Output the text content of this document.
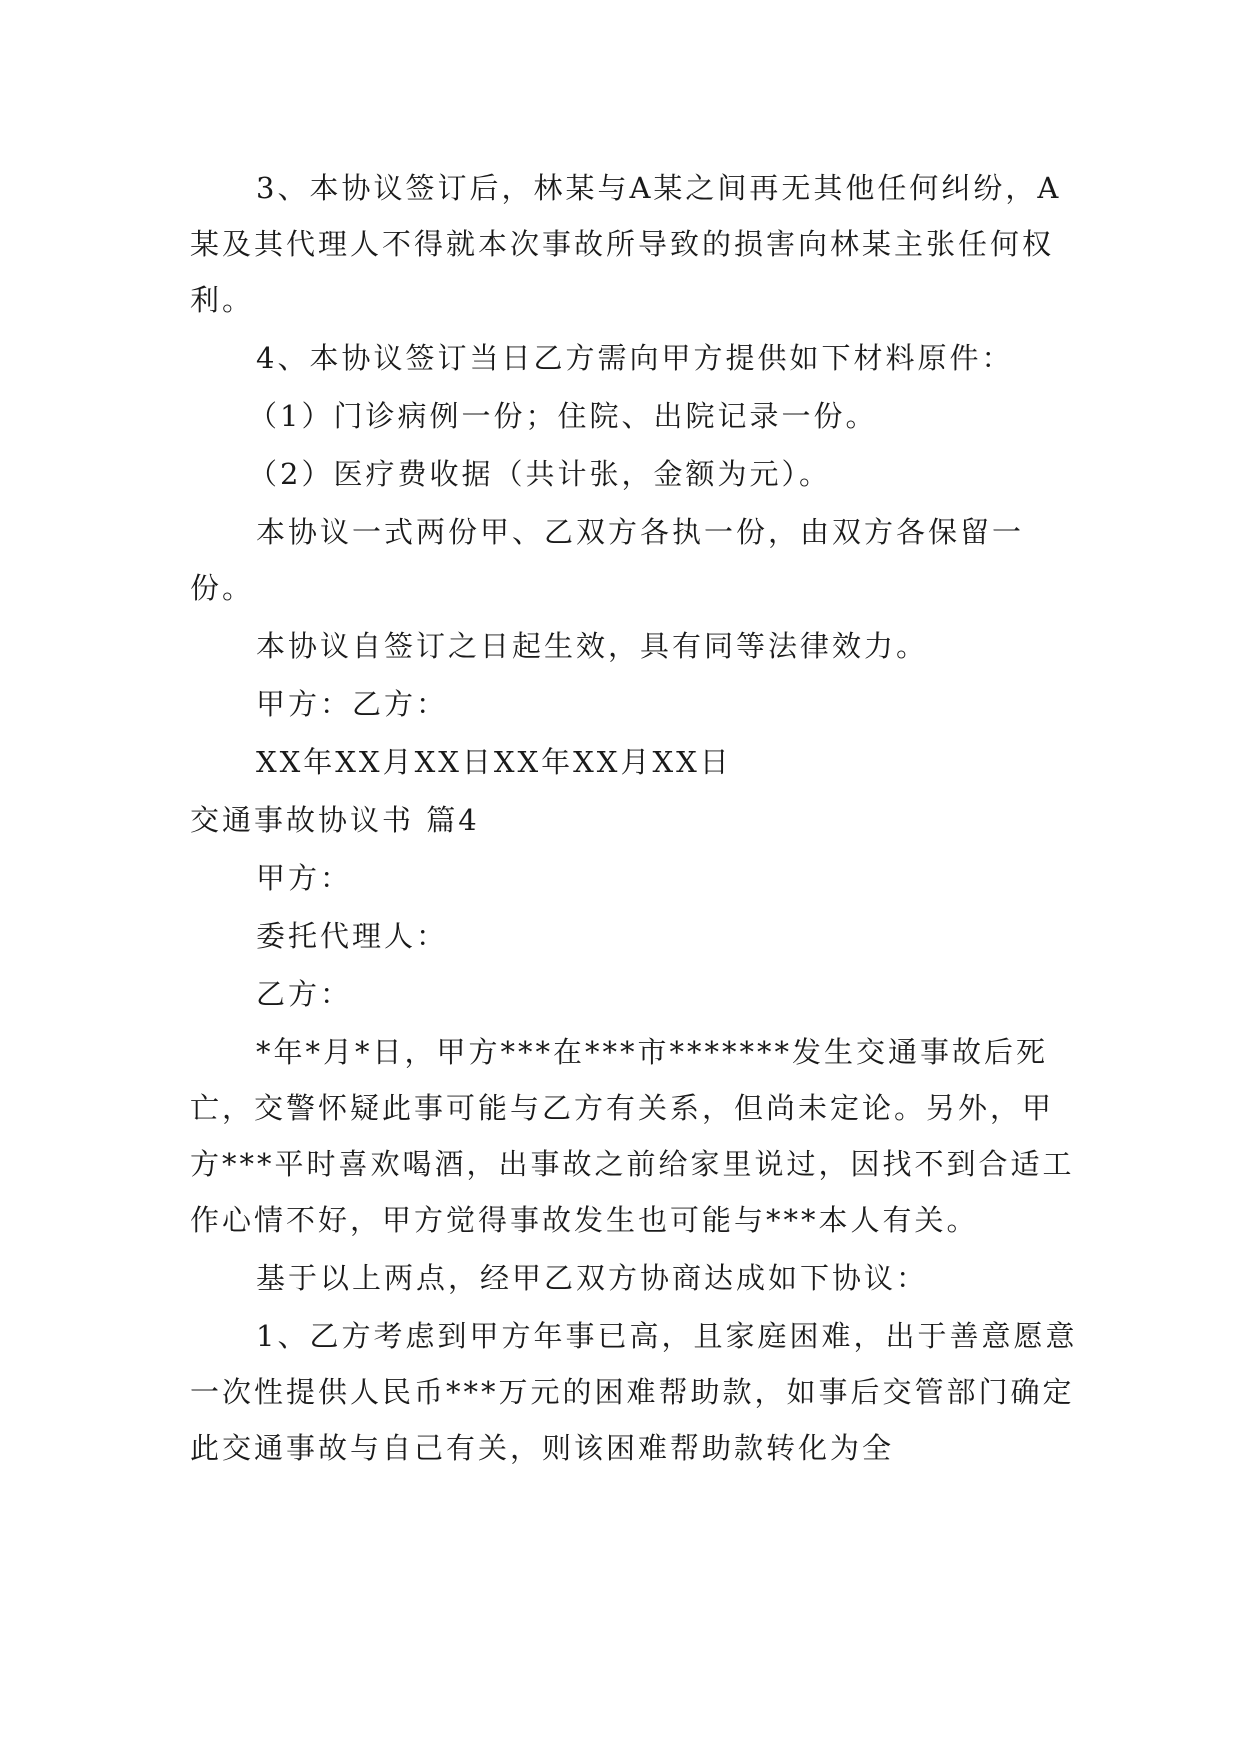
3、本协议签订后，林某与A某之间再无其他任何纠纷，A某及其代理人不得就本次事故所导致的损害向林某主张任何权利。

4、本协议签订当日乙方需向甲方提供如下材料原件：

（1）门诊病例一份；住院、出院记录一份。

（2）医疗费收据（共计张，金额为元）。

本协议一式两份甲、乙双方各执一份，由双方各保留一份。

本协议自签订之日起生效，具有同等法律效力。

甲方：乙方：

XX年XX月XX日XX年XX月XX日

交通事故协议书 篇4

甲方：

委托代理人：

乙方：

*年*月*日，甲方***在***市*******发生交通事故后死亡，交警怀疑此事可能与乙方有关系，但尚未定论。另外，甲方***平时喜欢喝酒，出事故之前给家里说过，因找不到合适工作心情不好，甲方觉得事故发生也可能与***本人有关。

基于以上两点，经甲乙双方协商达成如下协议：

1、乙方考虑到甲方年事已高，且家庭困难，出于善意愿意一次性提供人民币***万元的困难帮助款，如事后交管部门确定此交通事故与自己有关，则该困难帮助款转化为全
